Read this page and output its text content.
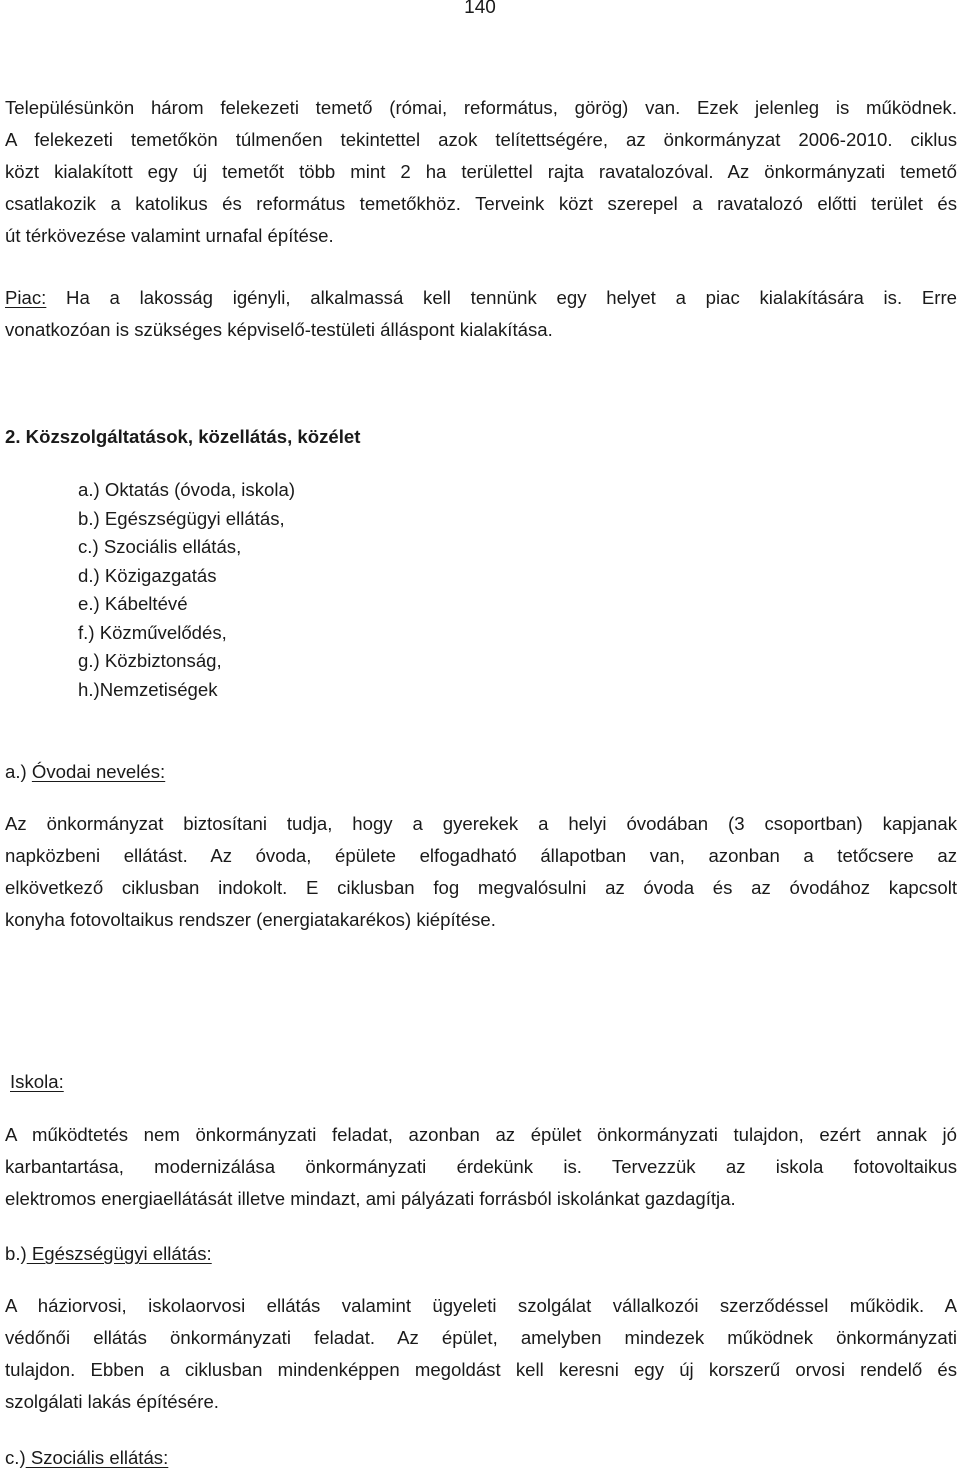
140
Településünkön három felekezeti temető (római, református, görög) van. Ezek jelenleg is működnek.
A felekezeti temetőkön túlmenően tekintettel azok telítettségére, az önkormányzat 2006-2010. ciklus
közt kialakított egy új temetőt több mint 2 ha területtel rajta ravatalozóval. Az önkormányzati temető
csatlakozik a katolikus és református temetőkhöz. Terveink közt szerepel a ravatalozó előtti terület és
út térkövezése valamint urnafal építése.
Piac: Ha a lakosság igényli, alkalmassá kell tennünk egy helyet a piac kialakítására is. Erre
vonatkozóan is szükséges képviselő-testületi álláspont kialakítása.
2. Közszolgáltatások, közellátás, közélet
a.) Oktatás (óvoda, iskola)
b.) Egészségügyi ellátás,
c.) Szociális ellátás,
d.) Közigazgatás
e.) Kábeltévé
f.) Közművelődés,
g.) Közbiztonság,
h.)Nemzetiségek
a.) Óvodai nevelés:
Az önkormányzat biztosítani tudja, hogy a gyerekek a helyi óvodában (3 csoportban) kapjanak
napközbeni ellátást. Az óvoda, épülete elfogadható állapotban van, azonban a tetőcsere az
elkövetkező ciklusban indokolt. E ciklusban fog megvalósulni az óvoda és az óvodához kapcsolt
konyha fotovoltaikus rendszer (energiatakarékos) kiépítése.
Iskola:
A működtetés nem önkormányzati feladat, azonban az épület önkormányzati tulajdon, ezért annak jó
karbantartása, modernizálása önkormányzati érdekünk is. Tervezzük az iskola fotovoltaikus
elektromos energiaellátását illetve mindazt, ami pályázati forrásból iskolánkat gazdagítja.
b.) Egészségügyi ellátás:
A háziorvosi, iskolaorvosi ellátás valamint ügyeleti szolgálat vállalkozói szerződéssel működik. A
védőnői ellátás önkormányzati feladat. Az épület, amelyben mindezek működnek önkormányzati
tulajdon. Ebben a ciklusban mindenképpen megoldást kell keresni egy új korszerű orvosi rendelő és
szolgálati lakás építésére.
c.) Szociális ellátás:
